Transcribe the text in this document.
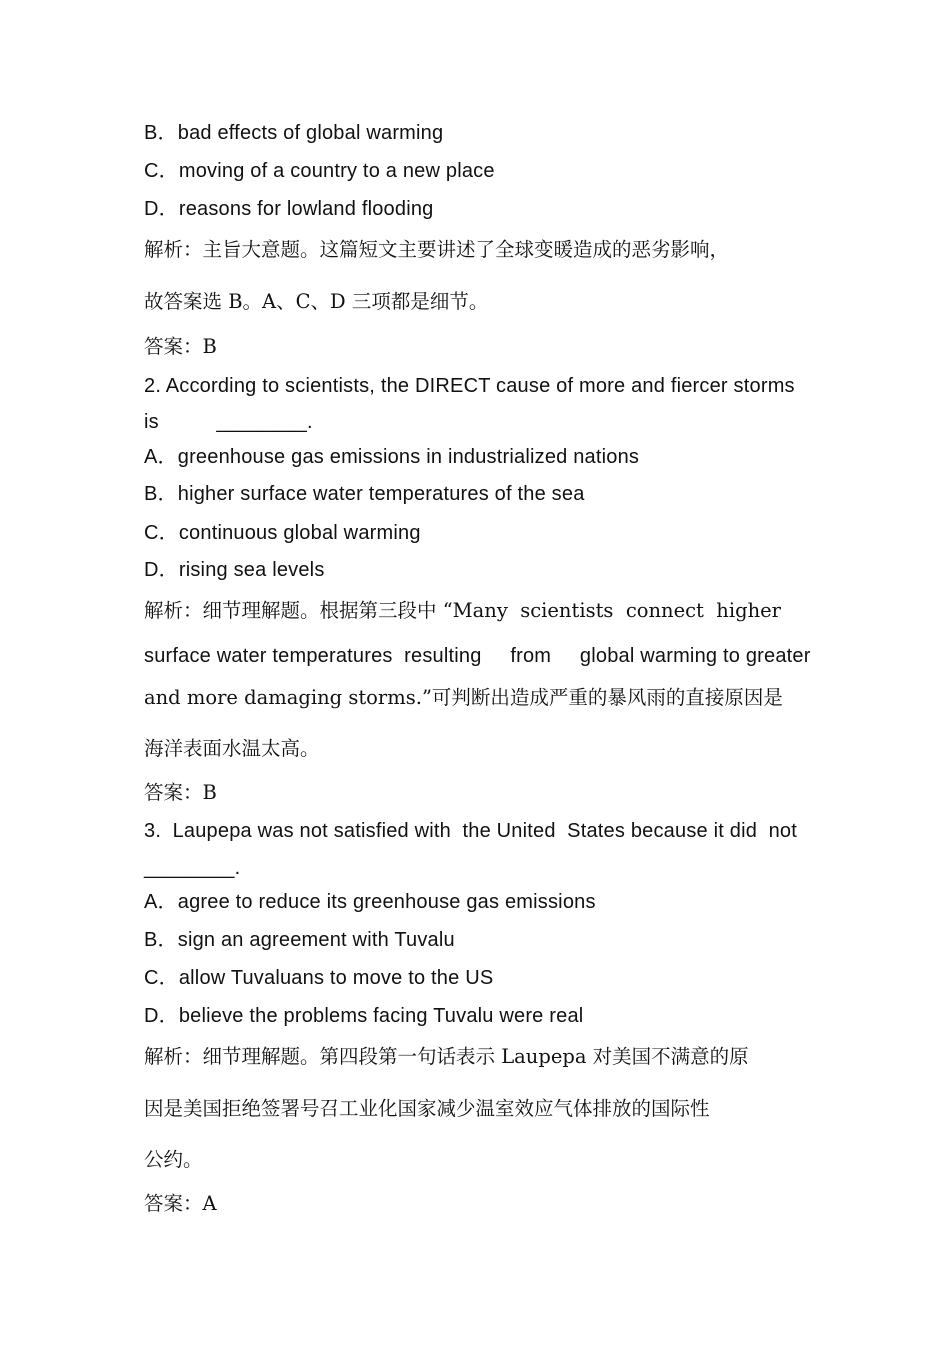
B．bad effects of global warming
C．moving of a country to a new place
D．reasons for lowland flooding
解析：主旨大意题。这篇短文主要讲述了全球变暖造成的恶劣影响，
故答案选 B。A、C、D 三项都是细节。
答案：B
2. According to scientists, the DIRECT cause of more and fiercer storms
is          ________.
A．greenhouse gas emissions in industrialized nations
B．higher surface water temperatures of the sea
C．continuous global warming
D．rising sea levels
解析：细节理解题。根据第三段中 “Many  scientists  connect  higher
surface water temperatures  resulting     from     global warming to greater
and more damaging storms.”可判断出造成严重的暴风雨的直接原因是
海洋表面水温太高。
答案：B
3.  Laupepa was not satisfied with  the United  States because it did  not
________.
A．agree to reduce its greenhouse gas emissions
B．sign an agreement with Tuvalu
C．allow Tuvaluans to move to the US
D．believe the problems facing Tuvalu were real
解析：细节理解题。第四段第一句话表示 Laupepa 对美国不满意的原
因是美国拒绝签署号召工业化国家减少温室效应气体排放的国际性
公约。
答案：A
